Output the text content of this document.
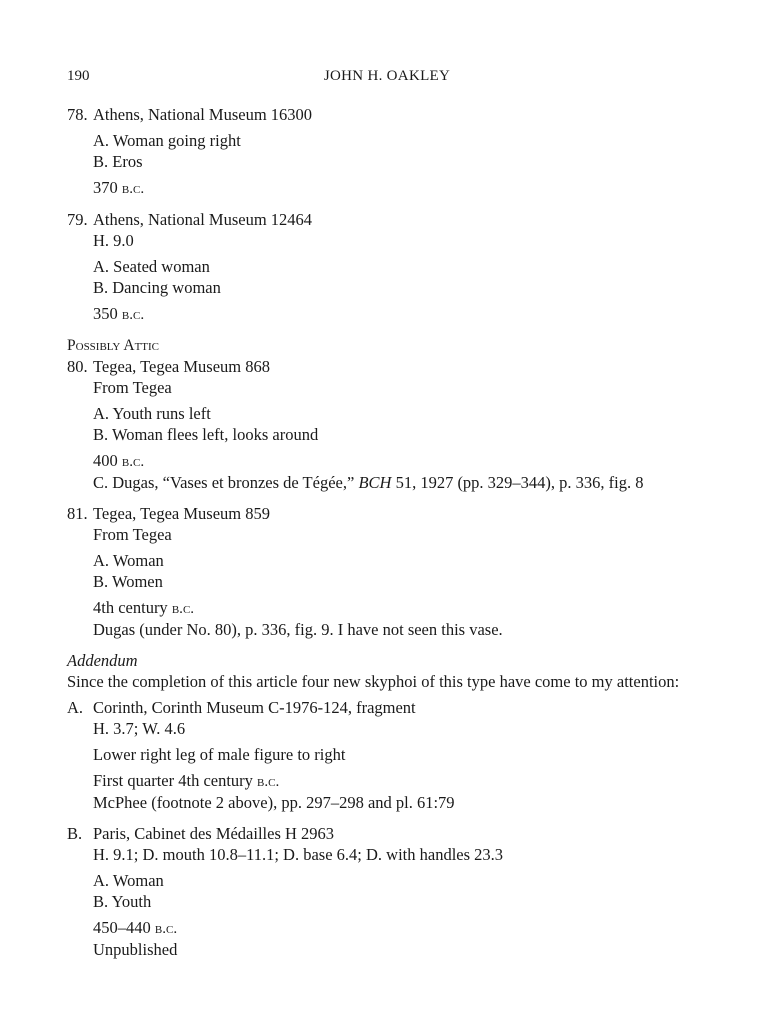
190	JOHN H. OAKLEY
78. Athens, National Museum 16300
A. Woman going right
B. Eros
370 b.c.
79. Athens, National Museum 12464
H. 9.0
A. Seated woman
B. Dancing woman
350 b.c.
Possibly Attic
80. Tegea, Tegea Museum 868
From Tegea
A. Youth runs left
B. Woman flees left, looks around
400 b.c.
C. Dugas, “Vases et bronzes de Tégée,” BCH 51, 1927 (pp. 329–344), p. 336, fig. 8
81. Tegea, Tegea Museum 859
From Tegea
A. Woman
B. Women
4th century b.c.
Dugas (under No. 80), p. 336, fig. 9. I have not seen this vase.
Addendum
Since the completion of this article four new skyphoi of this type have come to my attention:
A. Corinth, Corinth Museum C-1976-124, fragment
H. 3.7; W. 4.6
Lower right leg of male figure to right
First quarter 4th century b.c.
McPhee (footnote 2 above), pp. 297–298 and pl. 61:79
B. Paris, Cabinet des Médailles H 2963
H. 9.1; D. mouth 10.8–11.1; D. base 6.4; D. with handles 23.3
A. Woman
B. Youth
450–440 b.c.
Unpublished
